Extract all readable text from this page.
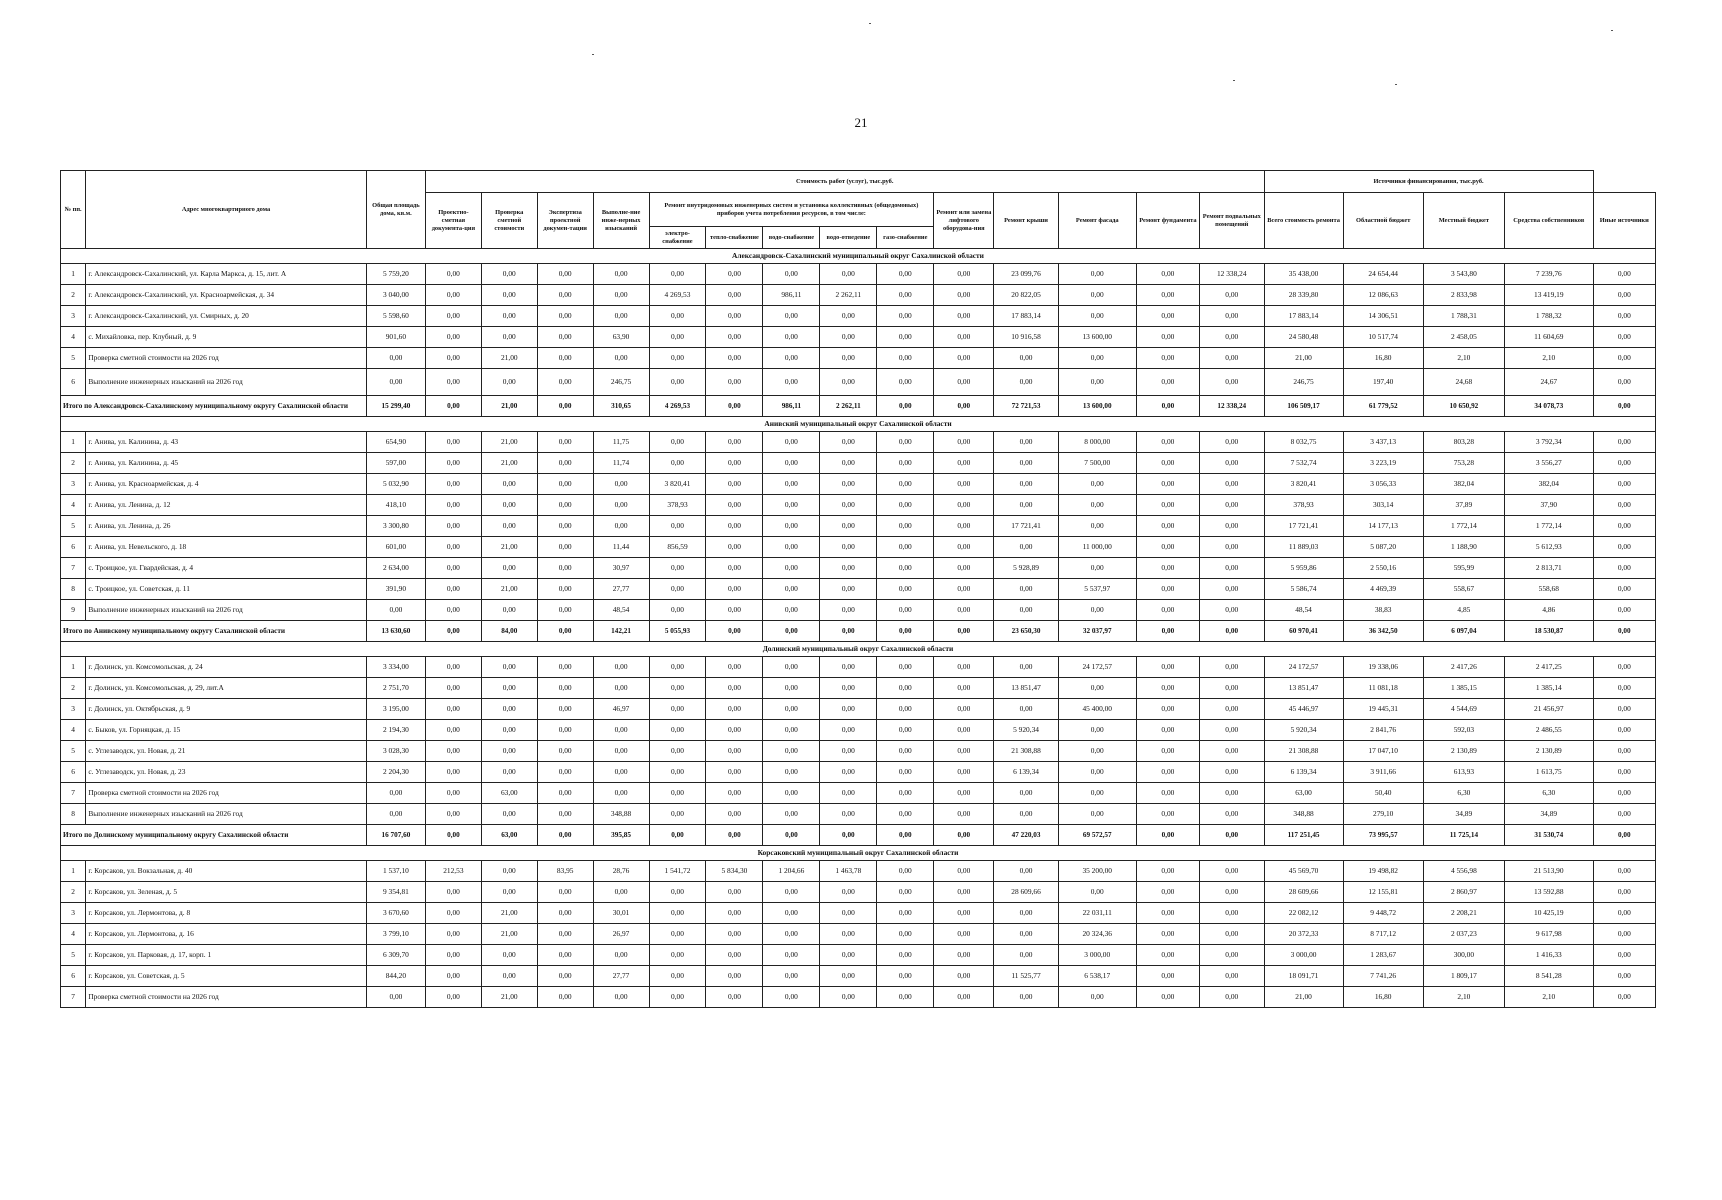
21
№ пп.	Адрес многоквартирного дома	Общая площадь дома, кв.м.	Стоимость работ (услуг), тыс.руб.														Источники финансирования, тыс.руб.				
			Проектно-сметная документа-ция	Проверка сметной стоимости	Экспертиза проектной докумен-тации	Выполне-ние инже-нерных изысканий	Ремонт внутридомовых инженерных систем и установка коллективных (общедомовых) приборов учета потребления ресурсов, в том числе:					Ремонт или замена лифтового оборудова-ния	Ремонт крыши	Ремонт фасада	Ремонт фундамента	Ремонт подвальных помещений	Всего стоимость ремонта	Областной бюджет	Местный бюджет	Средства собственников	Иные источники
							электро-снабжение	тепло-снабжение	водо-снабжение	водо-отведение	газо-снабжение										
Александровск-Сахалинский муниципальный округ Сахалинской области																					
1	г. Александровск-Сахалинский, ул. Карла Маркса, д. 15, лит. А	5 759,20	0,00	0,00	0,00	0,00	0,00	0,00	0,00	0,00	0,00	0,00	23 099,76	0,00	0,00	12 338,24	35 438,00	24 654,44	3 543,80	7 239,76	0,00
2	г. Александровск-Сахалинский, ул. Красноармейская, д. 34	3 040,00	0,00	0,00	0,00	0,00	4 269,53	0,00	986,11	2 262,11	0,00	0,00	20 822,05	0,00	0,00	0,00	28 339,80	12 086,63	2 833,98	13 419,19	0,00
3	г. Александровск-Сахалинский, ул. Смирных, д. 20	5 598,60	0,00	0,00	0,00	0,00	0,00	0,00	0,00	0,00	0,00	0,00	17 883,14	0,00	0,00	0,00	17 883,14	14 306,51	1 788,31	1 788,32	0,00
4	с. Михайловка, пер. Клубный, д. 9	901,60	0,00	0,00	0,00	63,90	0,00	0,00	0,00	0,00	0,00	0,00	10 916,58	13 600,00	0,00	0,00	24 580,48	10 517,74	2 458,05	11 604,69	0,00
5	Проверка сметной стоимости на 2026 год	0,00	0,00	21,00	0,00	0,00	0,00	0,00	0,00	0,00	0,00	0,00	0,00	0,00	0,00	0,00	21,00	16,80	2,10	2,10	0,00
6	Выполнение инженерных изысканий на 2026 год	0,00	0,00	0,00	0,00	246,75	0,00	0,00	0,00	0,00	0,00	0,00	0,00	0,00	0,00	0,00	246,75	197,40	24,68	24,67	0,00
Итого по Александровск-Сахалинскому муниципальному округу Сахалинской области		15 299,40	0,00	21,00	0,00	310,65	4 269,53	0,00	986,11	2 262,11	0,00	0,00	72 721,53	13 600,00	0,00	12 338,24	106 509,17	61 779,52	10 650,92	34 078,73	0,00
Анивский муниципальный округ Сахалинской области																					
1	г. Анива, ул. Калинина, д. 43	654,90	0,00	21,00	0,00	11,75	0,00	0,00	0,00	0,00	0,00	0,00	0,00	8 000,00	0,00	0,00	8 032,75	3 437,13	803,28	3 792,34	0,00
2	г. Анива, ул. Калинина, д. 45	597,00	0,00	21,00	0,00	11,74	0,00	0,00	0,00	0,00	0,00	0,00	0,00	7 500,00	0,00	0,00	7 532,74	3 223,19	753,28	3 556,27	0,00
3	г. Анива, ул. Красноармейская, д. 4	5 032,90	0,00	0,00	0,00	0,00	3 820,41	0,00	0,00	0,00	0,00	0,00	0,00	0,00	0,00	0,00	3 820,41	3 056,33	382,04	382,04	0,00
4	г. Анива, ул. Ленина, д. 12	418,10	0,00	0,00	0,00	0,00	378,93	0,00	0,00	0,00	0,00	0,00	0,00	0,00	0,00	0,00	378,93	303,14	37,89	37,90	0,00
5	г. Анива, ул. Ленина, д. 26	3 300,80	0,00	0,00	0,00	0,00	0,00	0,00	0,00	0,00	0,00	0,00	17 721,41	0,00	0,00	0,00	17 721,41	14 177,13	1 772,14	1 772,14	0,00
6	г. Анива, ул. Невельского, д. 18	601,00	0,00	21,00	0,00	11,44	856,59	0,00	0,00	0,00	0,00	0,00	0,00	11 000,00	0,00	0,00	11 889,03	5 087,20	1 188,90	5 612,93	0,00
7	с. Троицкое, ул. Гвардейская, д. 4	2 634,00	0,00	0,00	0,00	30,97	0,00	0,00	0,00	0,00	0,00	0,00	5 928,89	0,00	0,00	0,00	5 959,86	2 550,16	595,99	2 813,71	0,00
8	с. Троицкое, ул. Советская, д. 11	391,90	0,00	21,00	0,00	27,77	0,00	0,00	0,00	0,00	0,00	0,00	0,00	5 537,97	0,00	0,00	5 586,74	4 469,39	558,67	558,68	0,00
9	Выполнение инженерных изысканий на 2026 год	0,00	0,00	0,00	0,00	48,54	0,00	0,00	0,00	0,00	0,00	0,00	0,00	0,00	0,00	0,00	48,54	38,83	4,85	4,86	0,00
Итого по Анивскому муниципальному округу Сахалинской области		13 630,60	0,00	84,00	0,00	142,21	5 055,93	0,00	0,00	0,00	0,00	0,00	23 650,30	32 037,97	0,00	0,00	60 970,41	36 342,50	6 097,04	18 530,87	0,00
Долинский муниципальный округ Сахалинской области																					
1	г. Долинск, ул. Комсомольская, д. 24	3 334,00	0,00	0,00	0,00	0,00	0,00	0,00	0,00	0,00	0,00	0,00	0,00	24 172,57	0,00	0,00	24 172,57	19 338,06	2 417,26	2 417,25	0,00
2	г. Долинск, ул. Комсомольская, д. 29, лит.А	2 751,70	0,00	0,00	0,00	0,00	0,00	0,00	0,00	0,00	0,00	0,00	13 851,47	0,00	0,00	0,00	13 851,47	11 081,18	1 385,15	1 385,14	0,00
3	г. Долинск, ул. Октябрьская, д. 9	3 195,00	0,00	0,00	0,00	46,97	0,00	0,00	0,00	0,00	0,00	0,00	0,00	45 400,00	0,00	0,00	45 446,97	19 445,31	4 544,69	21 456,97	0,00
4	с. Быков, ул. Горняцкая, д. 15	2 194,30	0,00	0,00	0,00	0,00	0,00	0,00	0,00	0,00	0,00	0,00	5 920,34	0,00	0,00	0,00	5 920,34	2 841,76	592,03	2 486,55	0,00
5	с. Углезаводск, ул. Новая, д. 21	3 028,30	0,00	0,00	0,00	0,00	0,00	0,00	0,00	0,00	0,00	0,00	21 308,88	0,00	0,00	0,00	21 308,88	17 047,10	2 130,89	2 130,89	0,00
6	с. Углезаводск, ул. Новая, д. 23	2 204,30	0,00	0,00	0,00	0,00	0,00	0,00	0,00	0,00	0,00	0,00	6 139,34	0,00	0,00	0,00	6 139,34	3 911,66	613,93	1 613,75	0,00
7	Проверка сметной стоимости на 2026 год	0,00	0,00	63,00	0,00	0,00	0,00	0,00	0,00	0,00	0,00	0,00	0,00	0,00	0,00	0,00	63,00	50,40	6,30	6,30	0,00
8	Выполнение инженерных изысканий на 2026 год	0,00	0,00	0,00	0,00	348,88	0,00	0,00	0,00	0,00	0,00	0,00	0,00	0,00	0,00	0,00	348,88	279,10	34,89	34,89	0,00
Итого по Долинскому муниципальному округу Сахалинской области		16 707,60	0,00	63,00	0,00	395,85	0,00	0,00	0,00	0,00	0,00	0,00	47 220,03	69 572,57	0,00	0,00	117 251,45	73 995,57	11 725,14	31 530,74	0,00
Корсаковский муниципальный округ Сахалинской области																					
1	г. Корсаков, ул. Вокзальная, д. 40	1 537,10	212,53	0,00	83,95	28,76	1 541,72	5 834,30	1 204,66	1 463,78	0,00	0,00	0,00	35 200,00	0,00	0,00	45 569,70	19 498,82	4 556,98	21 513,90	0,00
2	г. Корсаков, ул. Зеленая, д. 5	9 354,81	0,00	0,00	0,00	0,00	0,00	0,00	0,00	0,00	0,00	0,00	28 609,66	0,00	0,00	0,00	28 609,66	12 155,81	2 860,97	13 592,88	0,00
3	г. Корсаков, ул. Лермонтова, д. 8	3 670,60	0,00	21,00	0,00	30,01	0,00	0,00	0,00	0,00	0,00	0,00	0,00	22 031,11	0,00	0,00	22 082,12	9 448,72	2 208,21	10 425,19	0,00
4	г. Корсаков, ул. Лермонтова, д. 16	3 799,10	0,00	21,00	0,00	26,97	0,00	0,00	0,00	0,00	0,00	0,00	0,00	20 324,36	0,00	0,00	20 372,33	8 717,12	2 037,23	9 617,98	0,00
5	г. Корсаков, ул. Парковая, д. 17, корп. 1	6 309,70	0,00	0,00	0,00	0,00	0,00	0,00	0,00	0,00	0,00	0,00	0,00	3 000,00	0,00	0,00	3 000,00	1 283,67	300,00	1 416,33	0,00
6	г. Корсаков, ул. Советская, д. 5	844,20	0,00	0,00	0,00	27,77	0,00	0,00	0,00	0,00	0,00	0,00	11 525,77	6 538,17	0,00	0,00	18 091,71	7 741,26	1 809,17	8 541,28	0,00
7	Проверка сметной стоимости на 2026 год	0,00	0,00	21,00	0,00	0,00	0,00	0,00	0,00	0,00	0,00	0,00	0,00	0,00	0,00	0,00	21,00	16,80	2,10	2,10	0,00
